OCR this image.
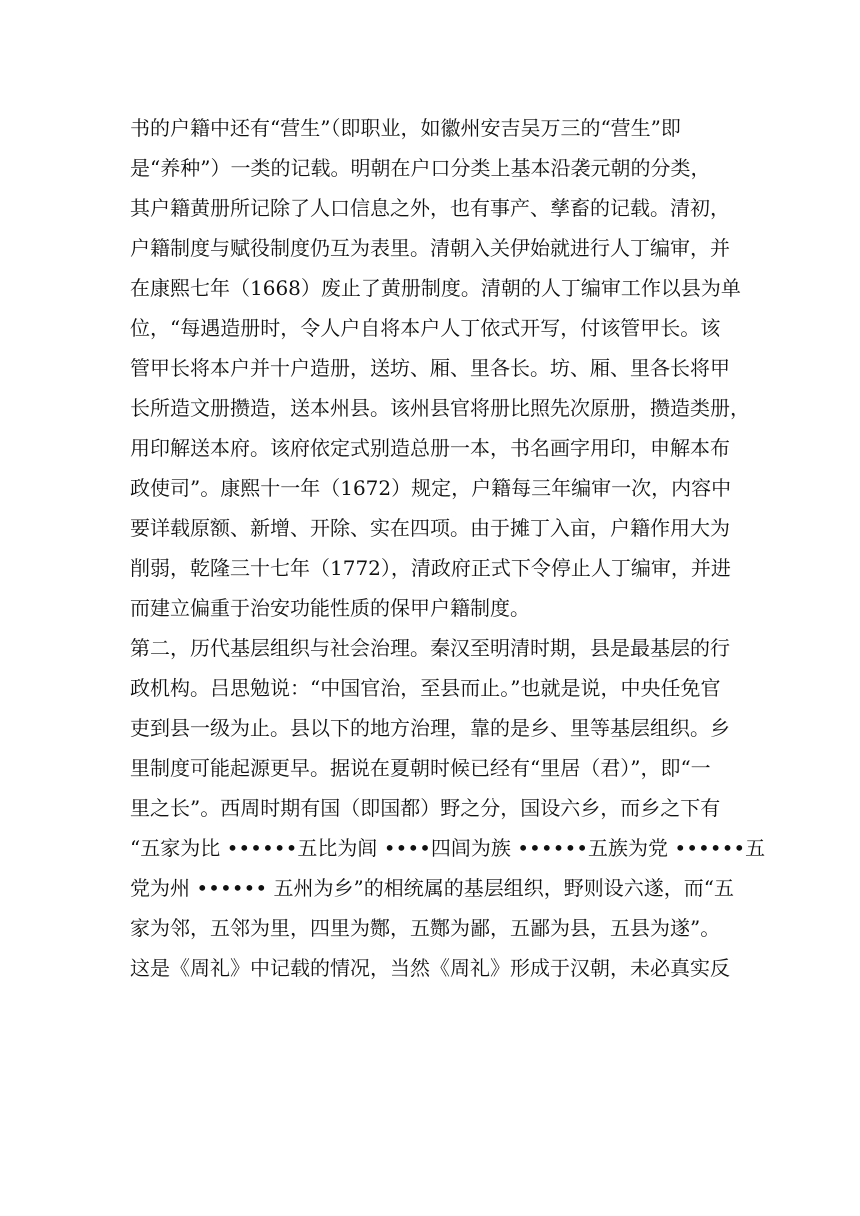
书的户籍中还有“营生”（即职业，如徽州安吉吴万三的“营生”即
是“养种”）一类的记载。明朝在户口分类上基本沿袭元朝的分类，
其户籍黄册所记除了人口信息之外，也有事产、孳畜的记载。清初，
户籍制度与赋役制度仍互为表里。清朝入关伊始就进行人丁编审，并
在康熙七年（1668）废止了黄册制度。清朝的人丁编审工作以县为单
位，“每遇造册时，令人户自将本户人丁依式开写，付该管甲长。该
管甲长将本户并十户造册，送坊、厢、里各长。坊、厢、里各长将甲
长所造文册攒造，送本州县。该州县官将册比照先次原册，攒造类册，
用印解送本府。该府依定式别造总册一本，书名画字用印，申解本布
政使司”。康熙十一年（1672）规定，户籍每三年编审一次，内容中
要详载原额、新增、开除、实在四项。由于摊丁入亩，户籍作用大为
削弱，乾隆三十七年（1772），清政府正式下令停止人丁编审，并进
而建立偏重于治安功能性质的保甲户籍制度。
第二，历代基层组织与社会治理。秦汉至明清时期，县是最基层的行
政机构。吕思勉说：“中国官治，至县而止。”也就是说，中央任免官
吏到县一级为止。县以下的地方治理，靠的是乡、里等基层组织。乡
里制度可能起源更早。据说在夏朝时候已经有“里居（君）”，即“一
里之长”。西周时期有国（即国都）野之分，国设六乡，而乡之下有
“五家为比 ••••••五比为闾 ••••四闾为族 ••••••五族为党 ••••••五
党为州 •••••• 五州为乡”的相统属的基层组织，野则设六遂，而“五
家为邻，五邻为里，四里为酂，五酂为鄙，五鄙为县，五县为遂”。
这是《周礼》中记载的情况，当然《周礼》形成于汉朝，未必真实反
